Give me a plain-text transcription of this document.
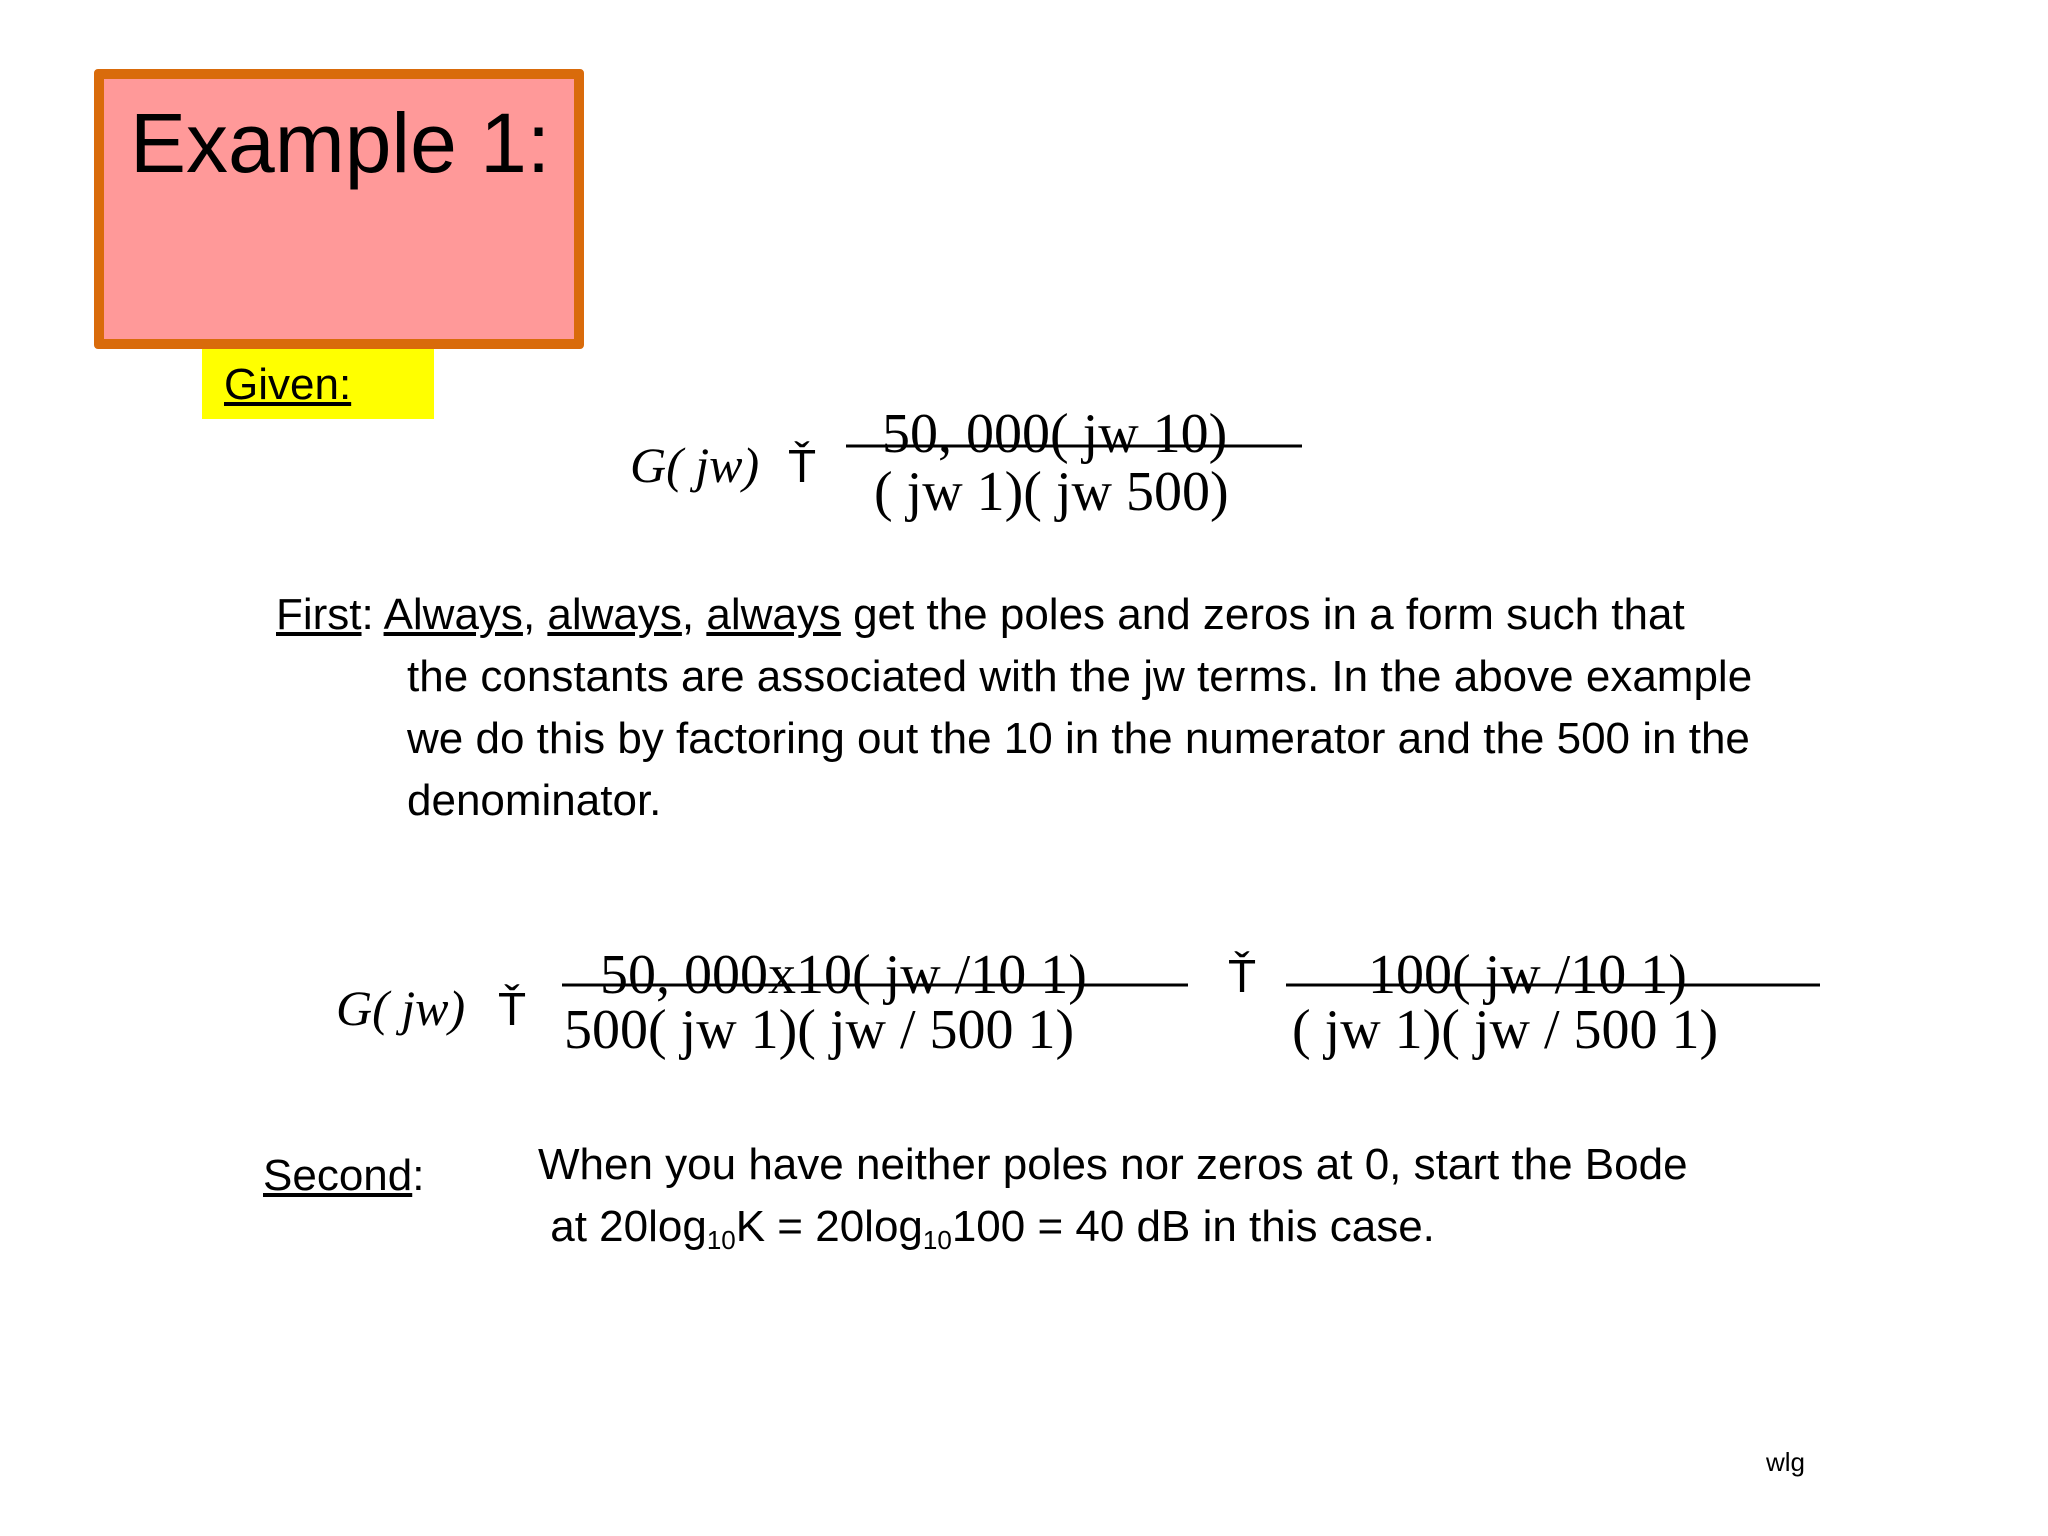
Example 1:
Given:
G( jw) Ť
50, 000( jw 10)
( jw 1)( jw 500)
G( jw) Ť
50, 000x10( jw /10 1)
500( jw 1)( jw / 500 1)
Ť 100( jw /10 1)
( jw 1)( jw / 500 1)
First: Always, always, always get the poles and zeros in a form such that
the constants are associated with the jw terms. In the above example
we do this by factoring out the 10 in the numerator and the 500 in the
denominator.
Second:	When you have neither poles nor zeros at 0, start the Bode
at $20\log_{10}K = 20\log_{10}100 = 40$ dB in this case.
wlg
